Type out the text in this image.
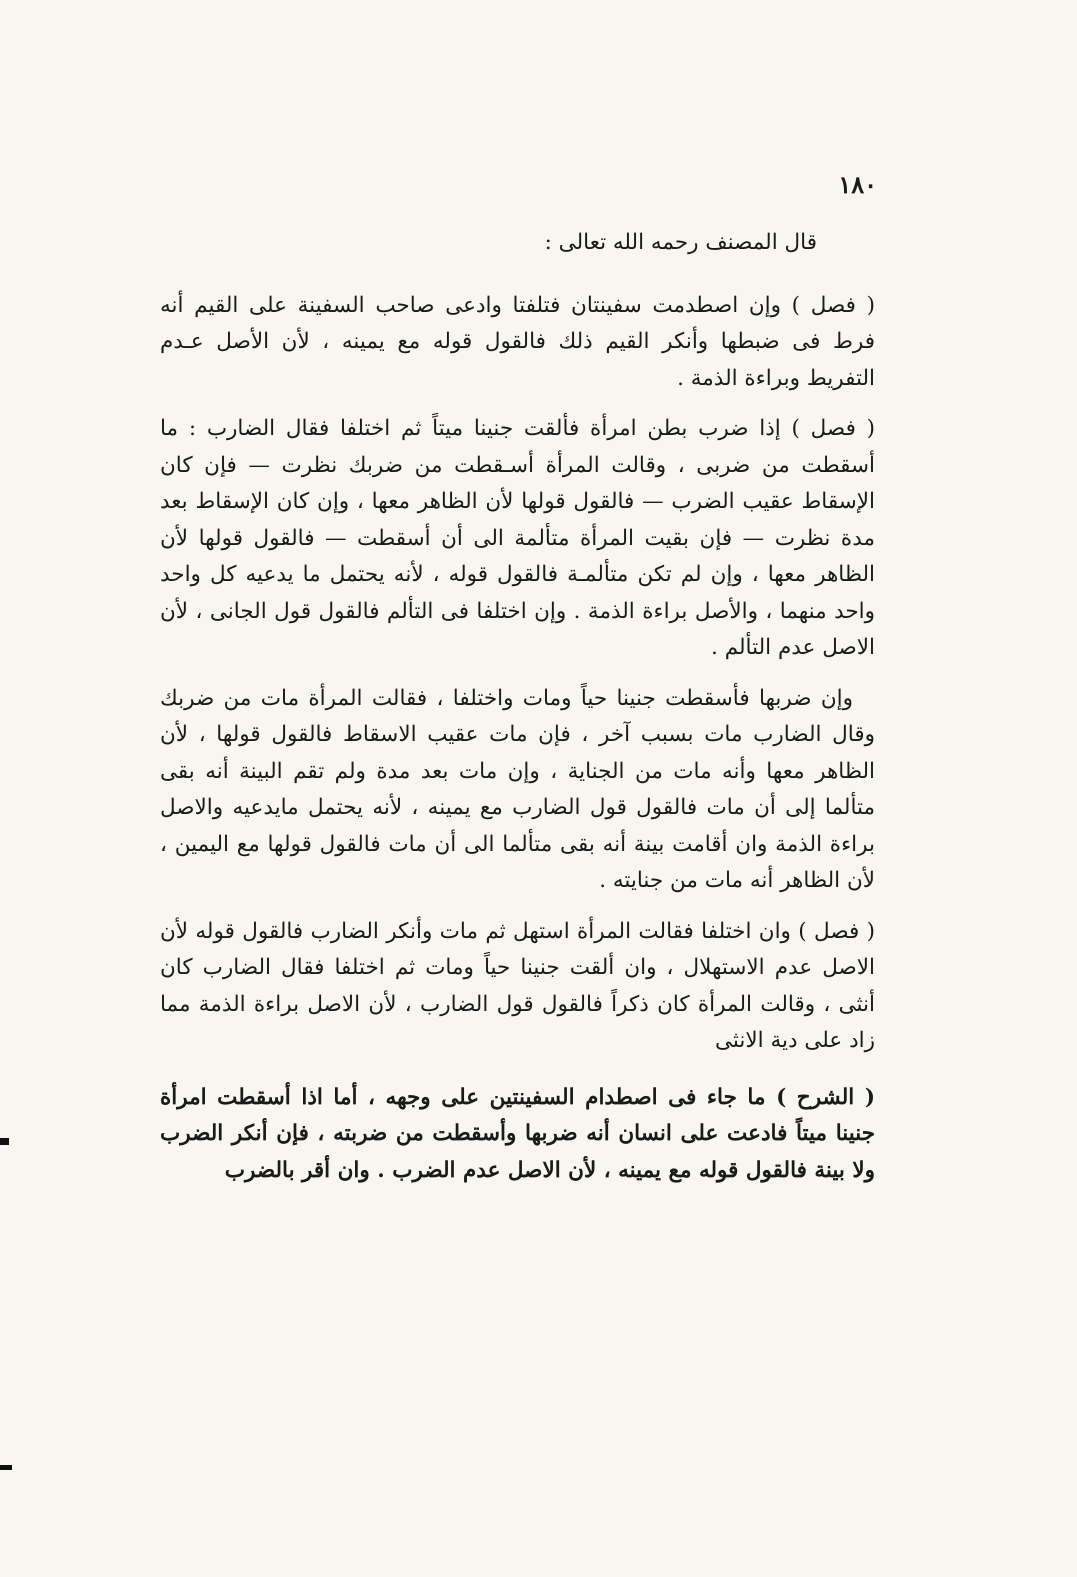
١٨٠

قال المصنف رحمه الله تعالى :

( فصل ) وإن اصطدمت سفينتان فتلفتا وادعى صاحب السفينة على القيم أنه فرط فى ضبطها وأنكر القيم ذلك فالقول قوله مع يمينه ، لأن الأصل عـدم التفريط وبراءة الذمة .

( فصل ) إذا ضرب بطن امرأة فألقت جنينا ميتاً ثم اختلفا فقال الضارب : ما أسقطت من ضربى ، وقالت المرأة أسـقطت من ضربك نظرت — فإن كان الإسقاط عقيب الضرب — فالقول قولها لأن الظاهر معها ، وإن كان الإسقاط بعد مدة نظرت — فإن بقيت المرأة متألمة الى أن أسقطت — فالقول قولها لأن الظاهر معها ، وإن لم تكن متألمـة فالقول قوله ، لأنه يحتمل ما يدعيه كل واحد واحد منهما ، والأصل براءة الذمة . وإن اختلفا فى التألم فالقول قول الجانى ، لأن الاصل عدم التألم .

وإن ضربها فأسقطت جنينا حياً ومات واختلفا ، فقالت المرأة مات من ضربك وقال الضارب مات بسبب آخر ، فإن مات عقيب الاسقاط فالقول قولها ، لأن الظاهر معها وأنه مات من الجناية ، وإن مات بعد مدة ولم تقم البينة أنه بقى متألما إلى أن مات فالقول قول الضارب مع يمينه ، لأنه يحتمل مايدعيه والاصل براءة الذمة وان أقامت بينة أنه بقى متألما الى أن مات فالقول قولها مع اليمين ، لأن الظاهر أنه مات من جنايته .

( فصل ) وان اختلفا فقالت المرأة استهل ثم مات وأنكر الضارب فالقول قوله لأن الاصل عدم الاستهلال ، وان ألقت جنينا حياً ومات ثم اختلفا فقال الضارب كان أنثى ، وقالت المرأة كان ذكراً فالقول قول الضارب ، لأن الاصل براءة الذمة مما زاد على دية الانثى

( الشرح ) ما جاء فى اصطدام السفينتين على وجهه ، أما اذا أسقطت امرأة جنينا ميتاً فادعت على انسان أنه ضربها وأسقطت من ضربته ، فإن أنكر الضرب ولا بينة فالقول قوله مع يمينه ، لأن الاصل عدم الضرب . وان أقر بالضرب
